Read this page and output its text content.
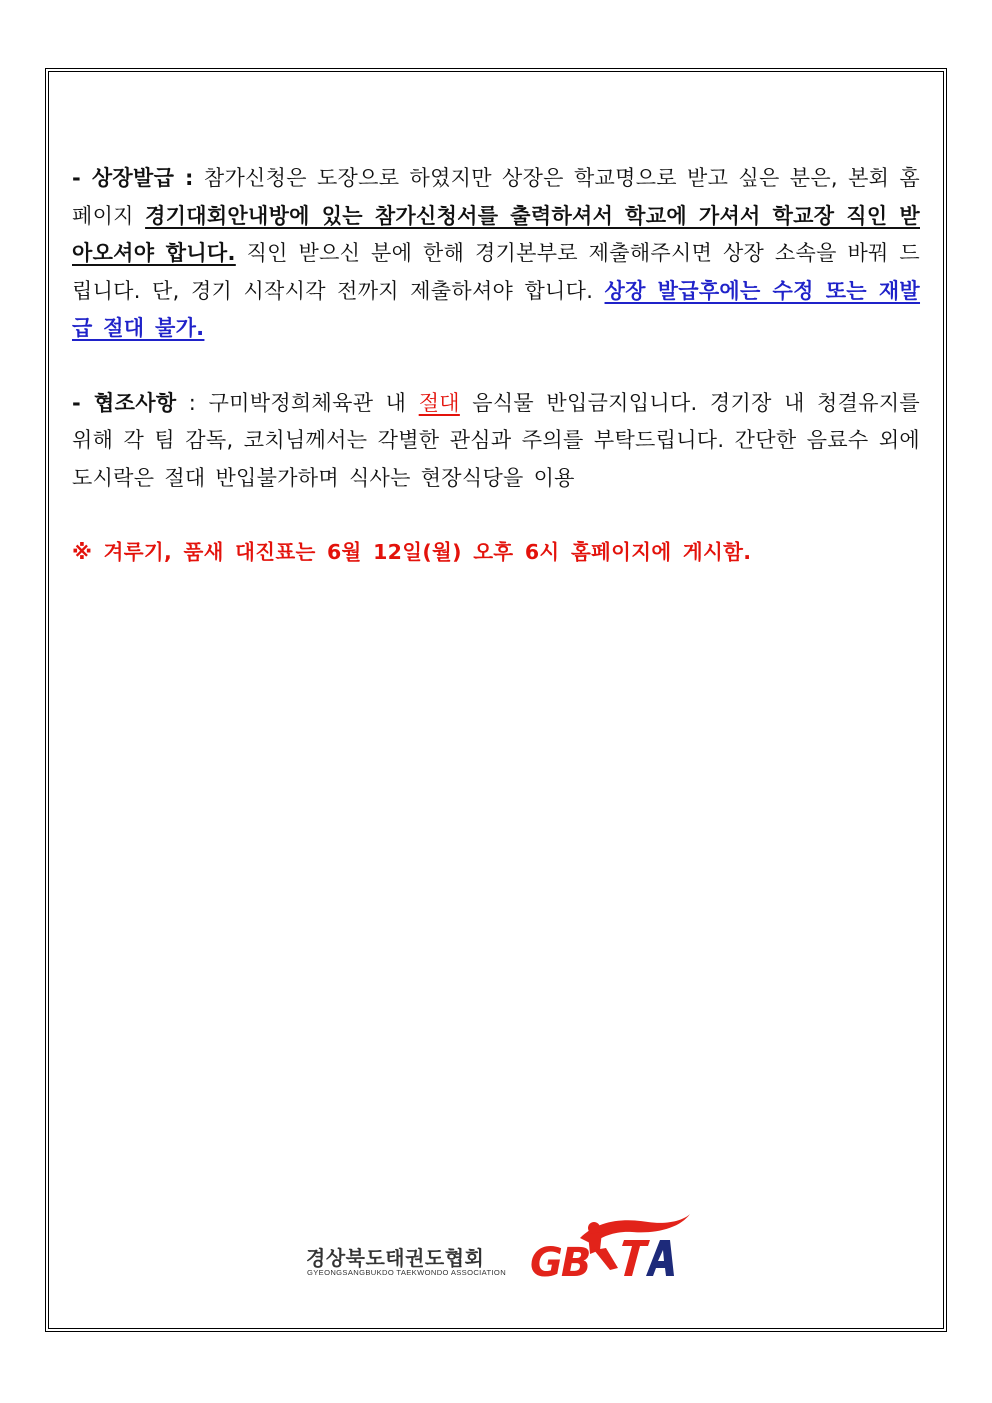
- 상장발급 : 참가신청은 도장으로 하였지만 상장은 학교명으로 받고 싶은 분은, 본회 홈페이지 경기대회안내방에 있는 참가신청서를 출력하셔서 학교에 가셔서 학교장 직인 받아오셔야 합니다. 직인 받으신 분에 한해 경기본부로 제출해주시면 상장 소속을 바꿔 드립니다. 단, 경기 시작시각 전까지 제출하셔야 합니다. 상장 발급후에는 수정 또는 재발급 절대 불가.

- 협조사항 : 구미박정희체육관 내 절대 음식물 반입금지입니다. 경기장 내 청결유지를 위해 각 팀 감독, 코치님께서는 각별한 관심과 주의를 부탁드립니다. 간단한 음료수 외에 도시락은 절대 반입불가하며 식사는 현장식당을 이용

※ 겨루기, 품새 대진표는 6월 12일(월) 오후 6시 홈페이지에 게시함.

경상북도태권도협회
GYEONGSANGBUKDO TAEKWONDO ASSOCIATION GB
